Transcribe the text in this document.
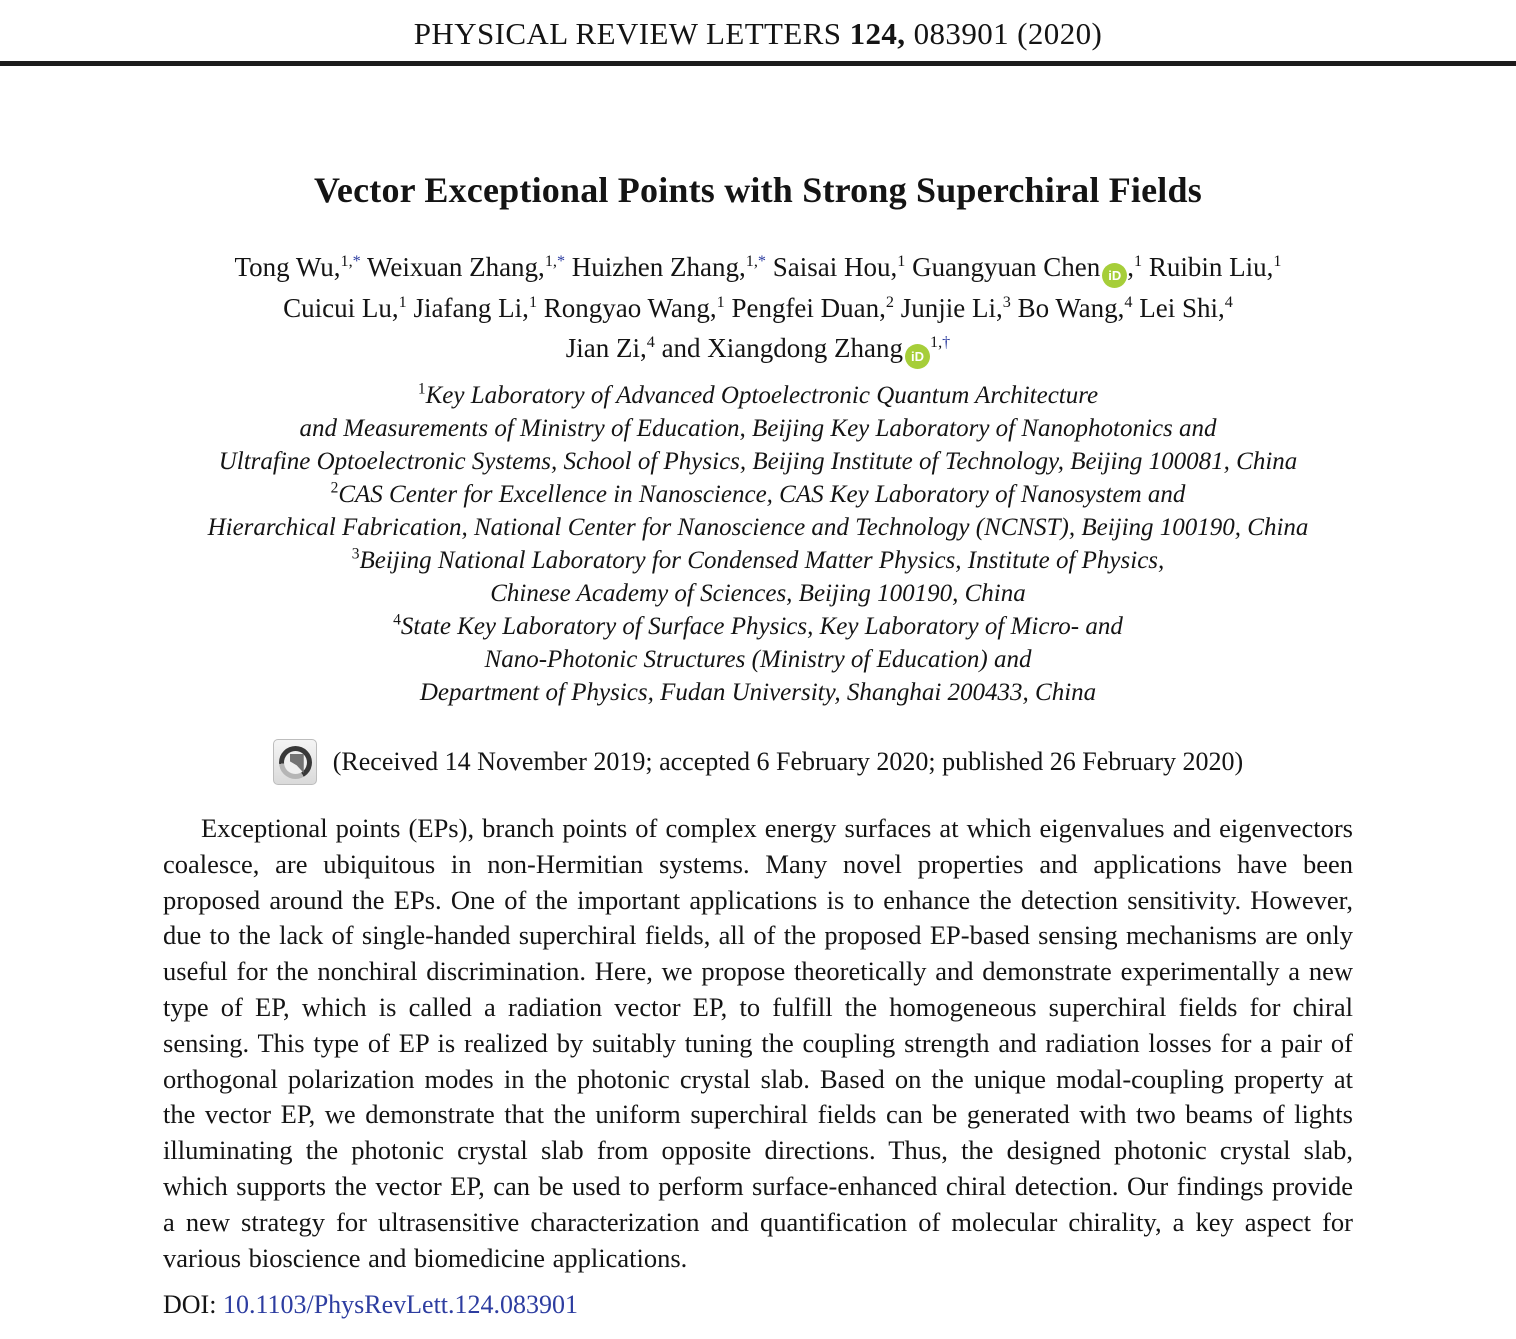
PHYSICAL REVIEW LETTERS 124, 083901 (2020)
Vector Exceptional Points with Strong Superchiral Fields
Tong Wu,$^{1,*}$ Weixuan Zhang,$^{1,*}$ Huizhen Zhang,$^{1,*}$ Saisai Hou,$^1$ Guangyuan Chen iD ,$^1$ Ruibin Liu,$^1$
Cuicui Lu,$^1$ Jiafang Li,$^1$ Rongyao Wang,$^1$ Pengfei Duan,$^2$ Junjie Li,$^3$ Bo Wang,$^4$ Lei Shi,$^4$
Jian Zi,$^4$ and Xiangdong Zhang $iD^{1,\dagger}$
$^1$Key Laboratory of Advanced Optoelectronic Quantum Architecture
and Measurements of Ministry of Education, Beijing Key Laboratory of Nanophotonics and
Ultrafine Optoelectronic Systems, School of Physics, Beijing Institute of Technology, Beijing 100081, China
$^2$CAS Center for Excellence in Nanoscience, CAS Key Laboratory of Nanosystem and
Hierarchical Fabrication, National Center for Nanoscience and Technology (NCNST), Beijing 100190, China
$^3$Beijing National Laboratory for Condensed Matter Physics, Institute of Physics,
Chinese Academy of Sciences, Beijing 100190, China
$^4$State Key Laboratory of Surface Physics, Key Laboratory of Micro- and
Nano-Photonic Structures (Ministry of Education) and
Department of Physics, Fudan University, Shanghai 200433, China
(Received 14 November 2019; accepted 6 February 2020; published 26 February 2020)

Exceptional points (EPs), branch points of complex energy surfaces at which eigenvalues and eigenvectors coalesce, are ubiquitous in non-Hermitian systems. Many novel properties and applications have been proposed around the EPs. One of the important applications is to enhance the detection sensitivity. However, due to the lack of single-handed superchiral fields, all of the proposed EP-based sensing mechanisms are only useful for the nonchiral discrimination. Here, we propose theoretically and demonstrate experimentally a new type of EP, which is called a radiation vector EP, to fulfill the homogeneous superchiral fields for chiral sensing. This type of EP is realized by suitably tuning the coupling strength and radiation losses for a pair of orthogonal polarization modes in the photonic crystal slab. Based on the unique modal-coupling property at the vector EP, we demonstrate that the uniform superchiral fields can be generated with two beams of lights illuminating the photonic crystal slab from opposite directions. Thus, the designed photonic crystal slab, which supports the vector EP, can be used to perform surface-enhanced chiral detection. Our findings provide a new strategy for ultrasensitive characterization and quantification of molecular chirality, a key aspect for various bioscience and biomedicine applications.

DOI: 10.1103/PhysRevLett.124.083901
